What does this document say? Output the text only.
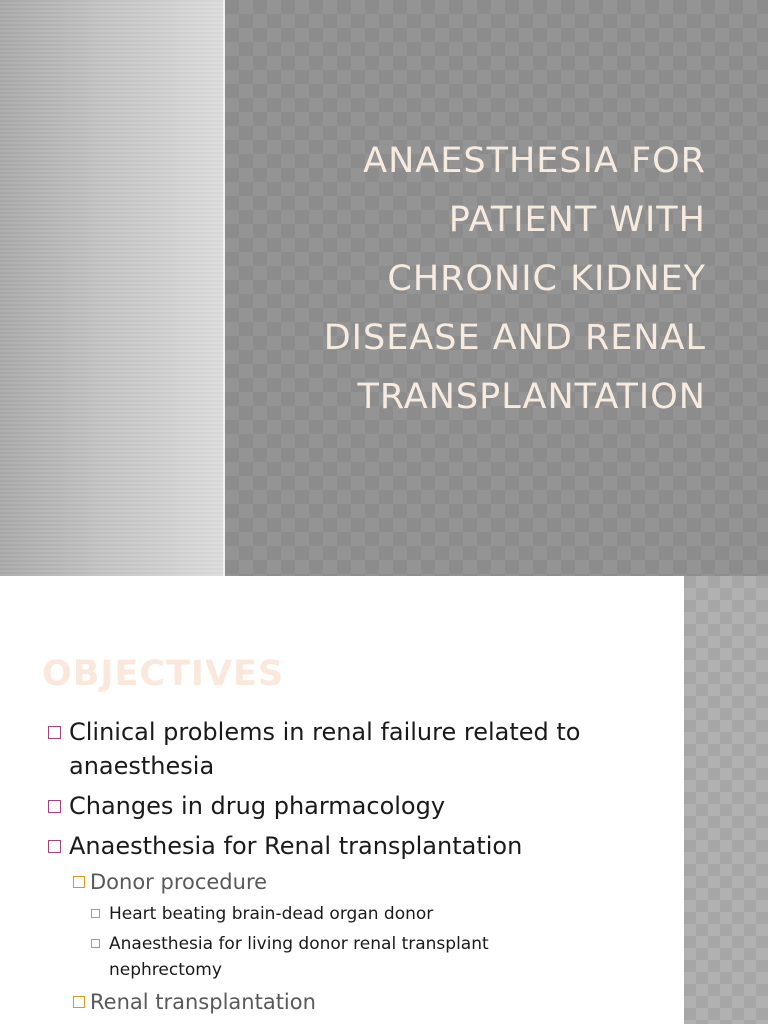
ANAESTHESIA FOR
PATIENT WITH
CHRONIC KIDNEY
DISEASE AND RENAL
TRANSPLANTATION
OBJECTIVES
Clinical problems in renal failure related to
anaesthesia
Changes in drug pharmacology
Anaesthesia for Renal transplantation
Donor procedure
Heart beating brain-dead organ donor
Anaesthesia for living donor renal transplant
nephrectomy
Renal transplantation
